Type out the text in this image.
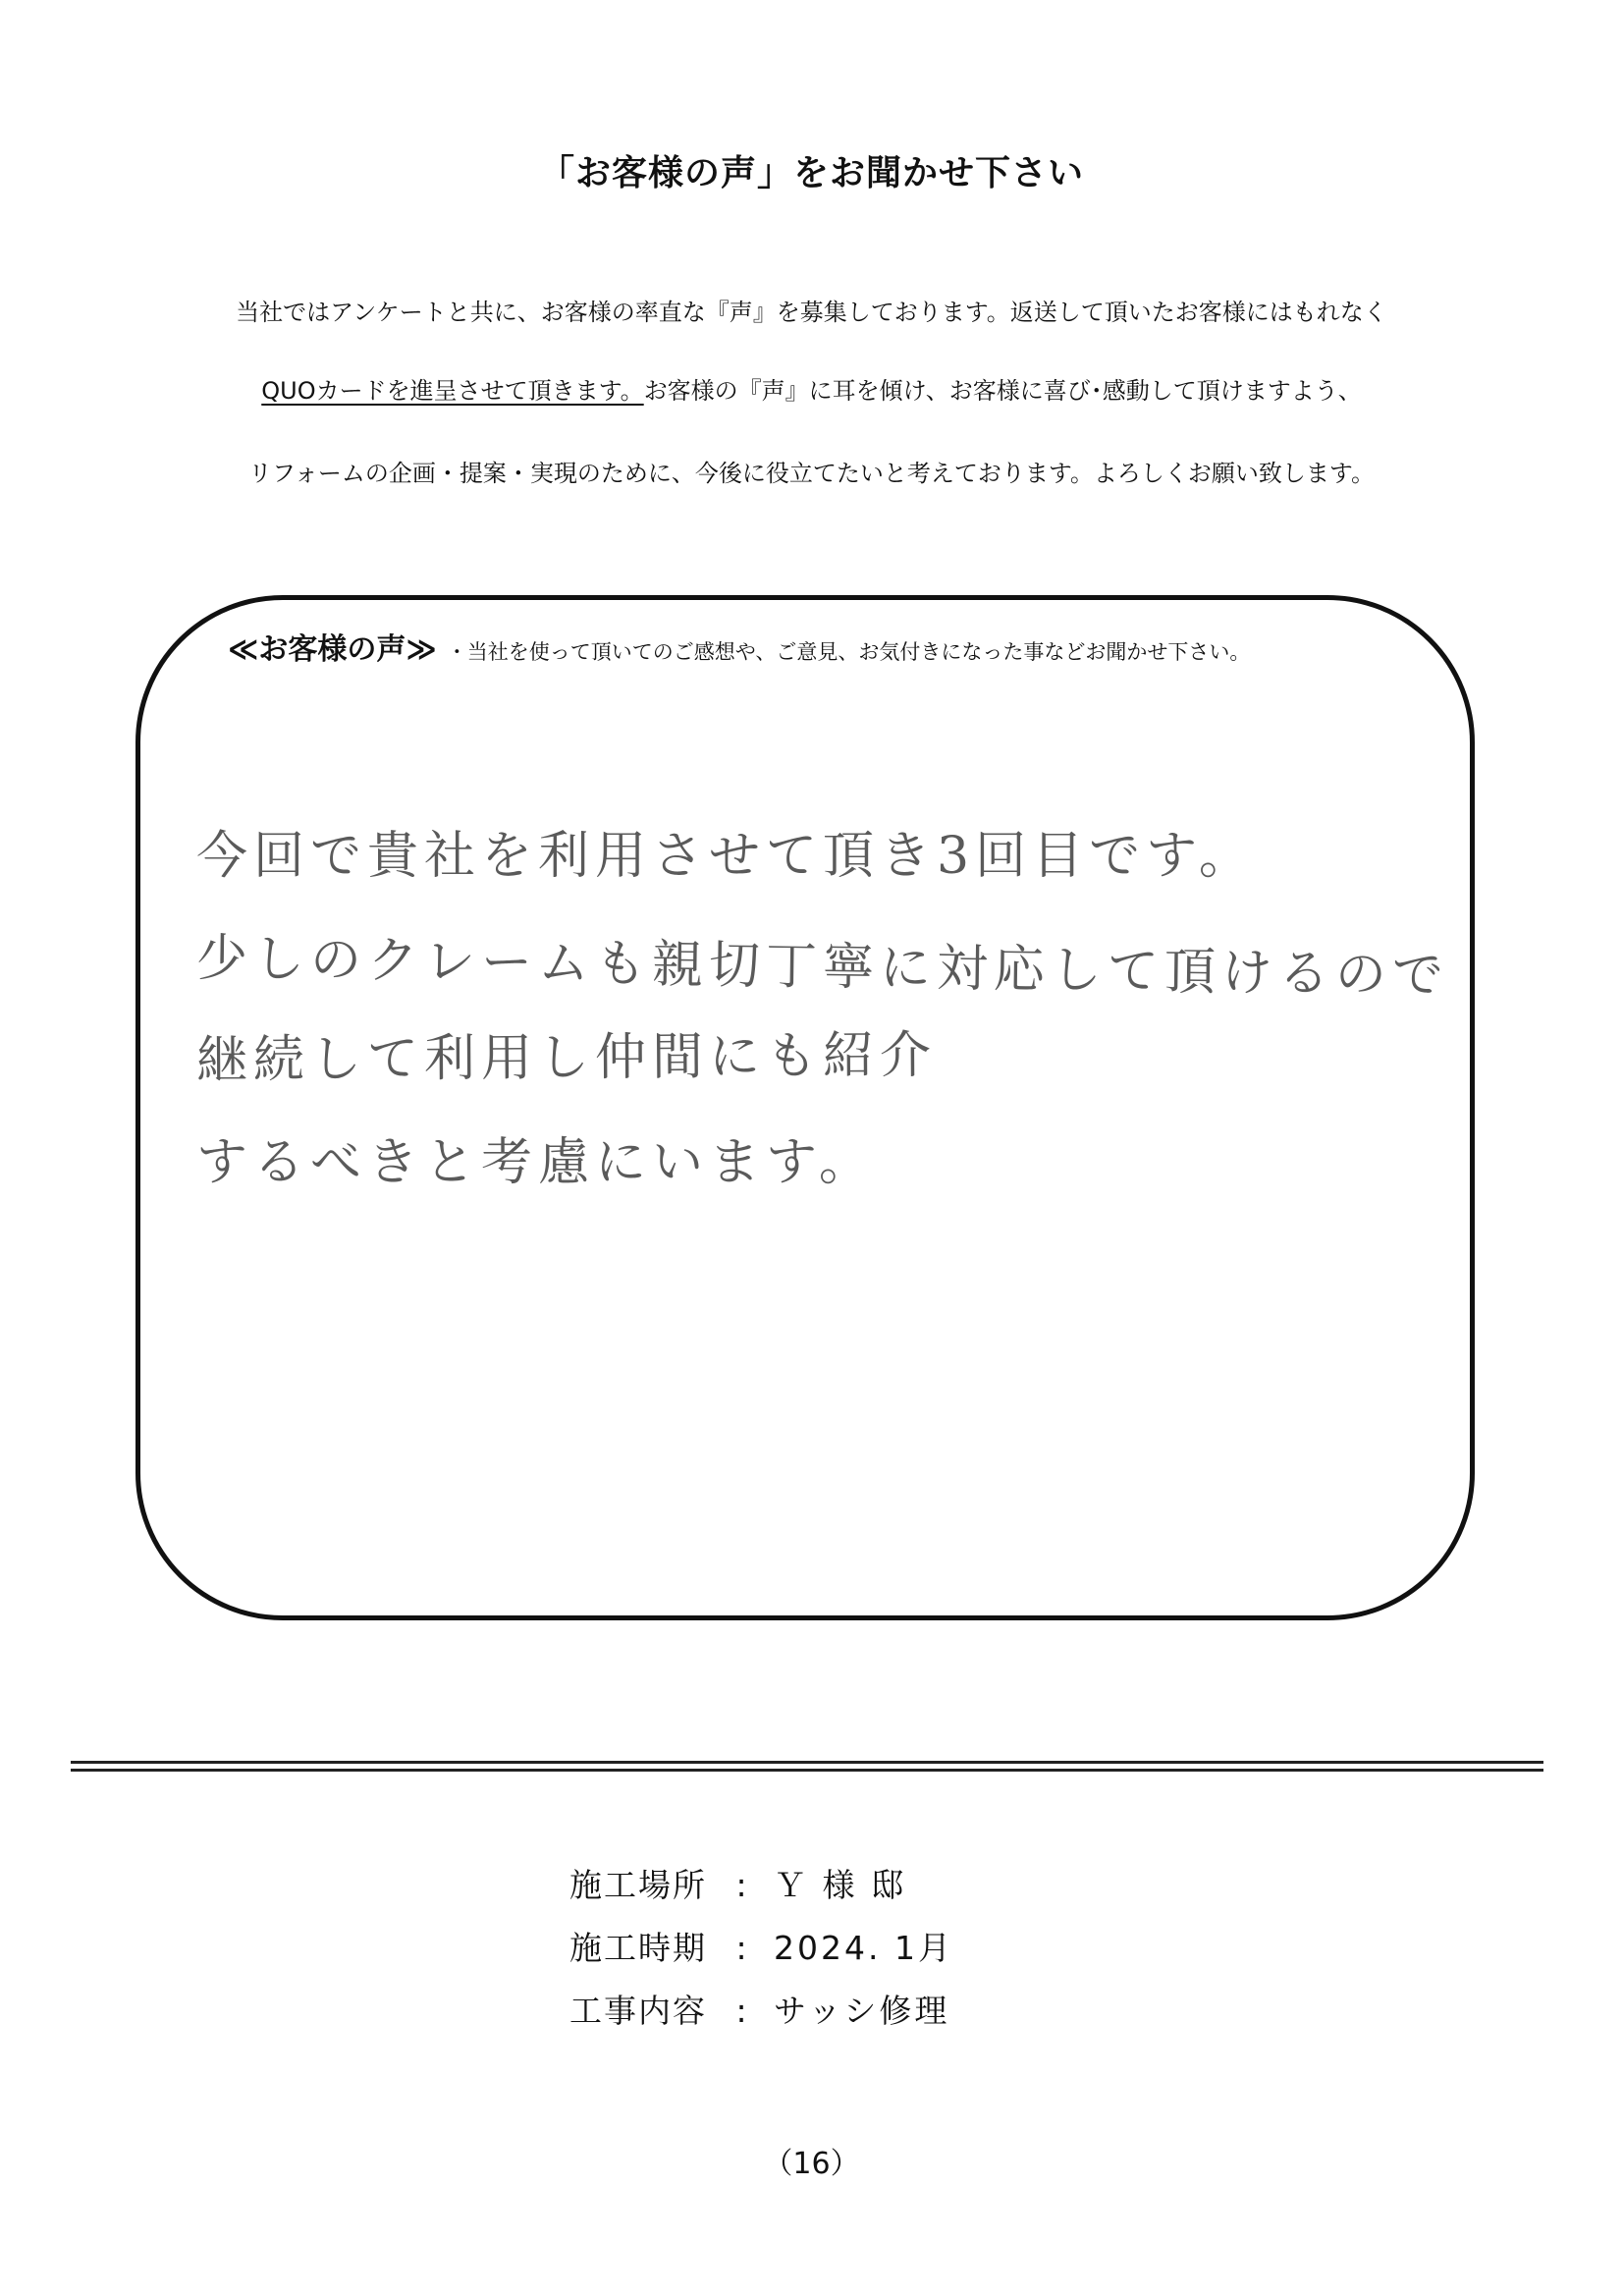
「お客様の声」をお聞かせ下さい
当社ではアンケートと共に、お客様の率直な『声』を募集しております。返送して頂いたお客様にはもれなく
QUOカードを進呈させて頂きます。お客様の『声』に耳を傾け、お客様に喜び･感動して頂けますよう、
リフォームの企画・提案・実現のために、今後に役立てたいと考えております。よろしくお願い致します。
≪お客様の声≫ ・当社を使って頂いてのご感想や、ご意見、お気付きになった事などお聞かせ下さい。
今回で貴社を利用させて頂き3回目です。
少しのクレームも親切丁寧に対応して頂けるので
継続して利用し仲間にも紹介
するべきと考慮にいます。
施工場所 : Ｙ 様 邸
施工時期 : 2024. 1月
工事内容 : サッシ修理
（16）
